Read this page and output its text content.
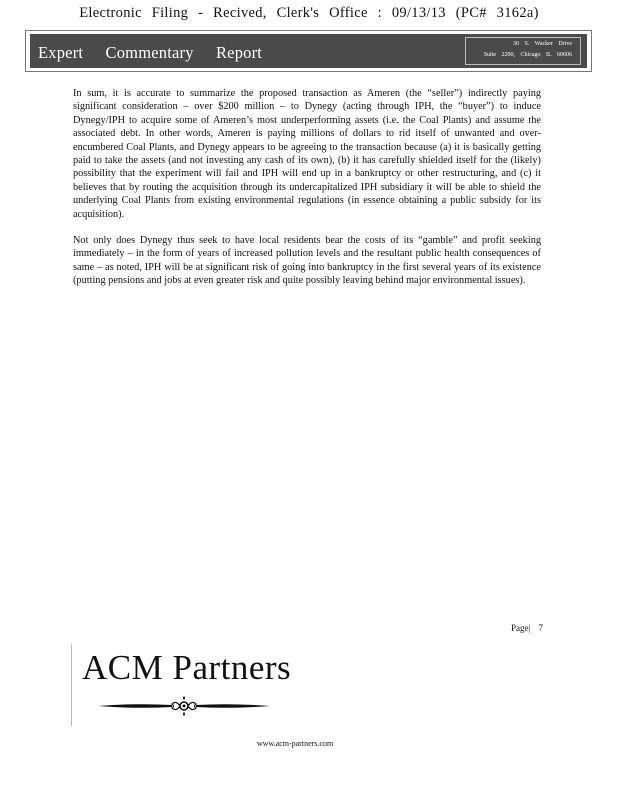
Electronic Filing - Recived, Clerk's Office : 09/13/13 (PC# 3162a)
Expert Commentary Report	30 S. Wacker Drive
Suite 2200, Chicago IL 60606

In sum, it is accurate to summarize the proposed transaction as Ameren (the “seller”) indirectly paying significant consideration – over $200 million – to Dynegy (acting through IPH, the “buyer”) to induce Dynegy/IPH to acquire some of Ameren’s most underperforming assets (i.e. the Coal Plants) and assume the associated debt. In other words, Ameren is paying millions of dollars to rid itself of unwanted and over-encumbered Coal Plants, and Dynegy appears to be agreeing to the transaction because (a) it is basically getting paid to take the assets (and not investing any cash of its own), (b) it has carefully shielded itself for the (likely) possibility that the experiment will fail and IPH will end up in a bankruptcy or other restructuring, and (c) it believes that by routing the acquisition through its undercapitalized IPH subsidiary it will be able to shield the underlying Coal Plants from existing environmental regulations (in essence obtaining a public subsidy for its acquisition).

Not only does Dynegy thus seek to have local residents bear the costs of its “gamble” and profit seeking immediately – in the form of years of increased pollution levels and the resultant public health consequences of same – as noted, IPH will be at significant risk of going into bankruptcy in the first several years of its existence (putting pensions and jobs at even greater risk and quite possibly leaving behind major environmental issues).

Page| 7
ACM Partners
www.acm-partners.com
